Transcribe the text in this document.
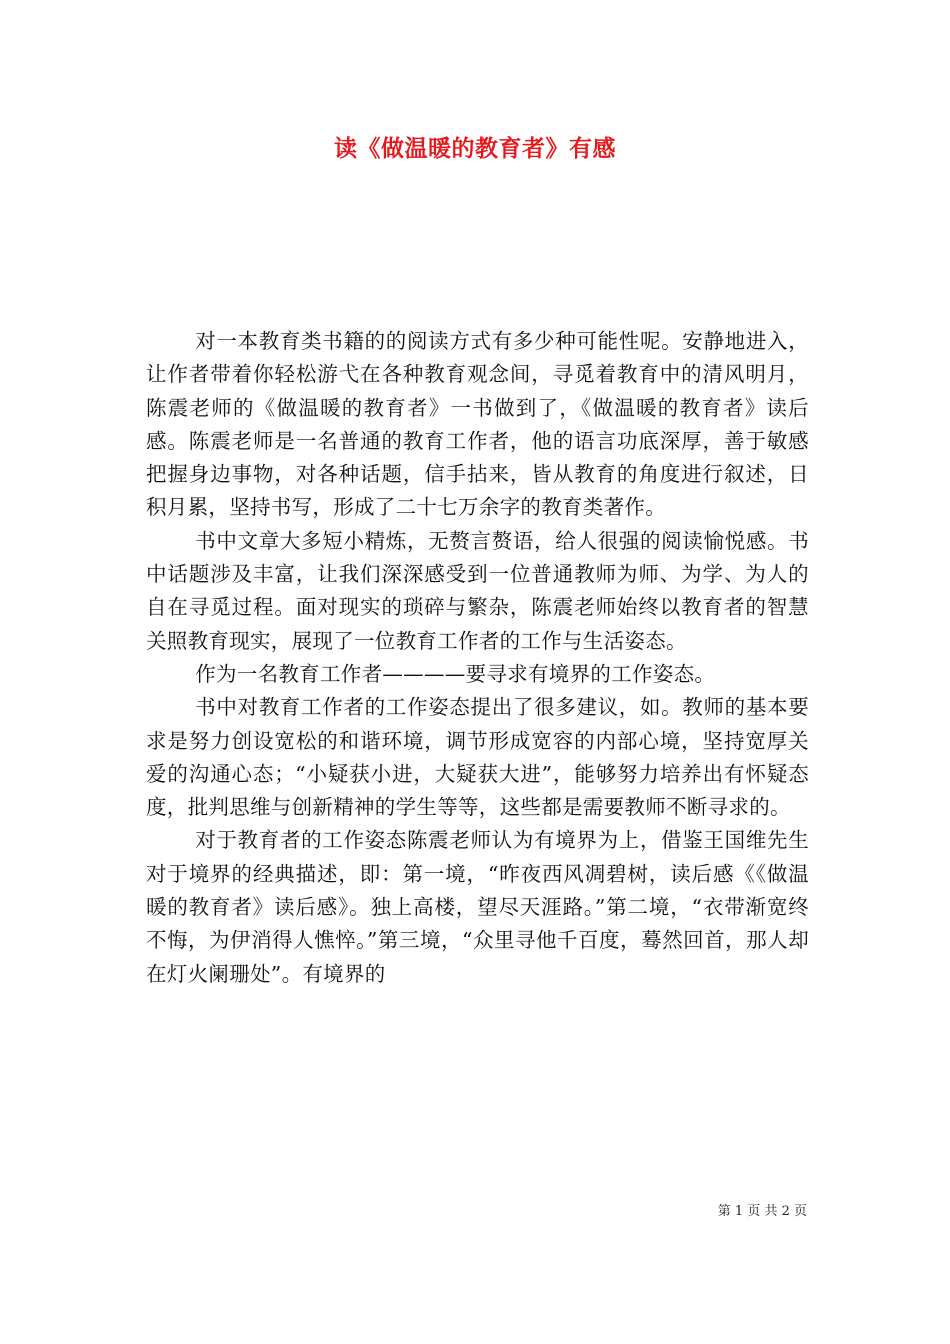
读《做温暖的教育者》有感

对一本教育类书籍的的阅读方式有多少种可能性呢。安静地进入，让作者带着你轻松游弋在各种教育观念间，寻觅着教育中的清风明月，陈震老师的《做温暖的教育者》一书做到了，《做温暖的教育者》读后感。陈震老师是一名普通的教育工作者，他的语言功底深厚，善于敏感把握身边事物，对各种话题，信手拈来，皆从教育的角度进行叙述，日积月累，坚持书写，形成了二十七万余字的教育类著作。

书中文章大多短小精炼，无赘言赘语，给人很强的阅读愉悦感。书中话题涉及丰富，让我们深深感受到一位普通教师为师、为学、为人的自在寻觅过程。面对现实的琐碎与繁杂，陈震老师始终以教育者的智慧关照教育现实，展现了一位教育工作者的工作与生活姿态。

作为一名教育工作者————要寻求有境界的工作姿态。

书中对教育工作者的工作姿态提出了很多建议，如。教师的基本要求是努力创设宽松的和谐环境，调节形成宽容的内部心境，坚持宽厚关爱的沟通心态；“小疑获小进，大疑获大进”，能够努力培养出有怀疑态度，批判思维与创新精神的学生等等，这些都是需要教师不断寻求的。

对于教育者的工作姿态陈震老师认为有境界为上，借鉴王国维先生对于境界的经典描述，即：第一境，“昨夜西风凋碧树，读后感《《做温暖的教育者》读后感》。独上高楼，望尽天涯路。”第二境，“衣带渐宽终不悔，为伊消得人憔悴。”第三境，“众里寻他千百度，蓦然回首，那人却在灯火阑珊处”。有境界的

第 1 页 共 2 页
